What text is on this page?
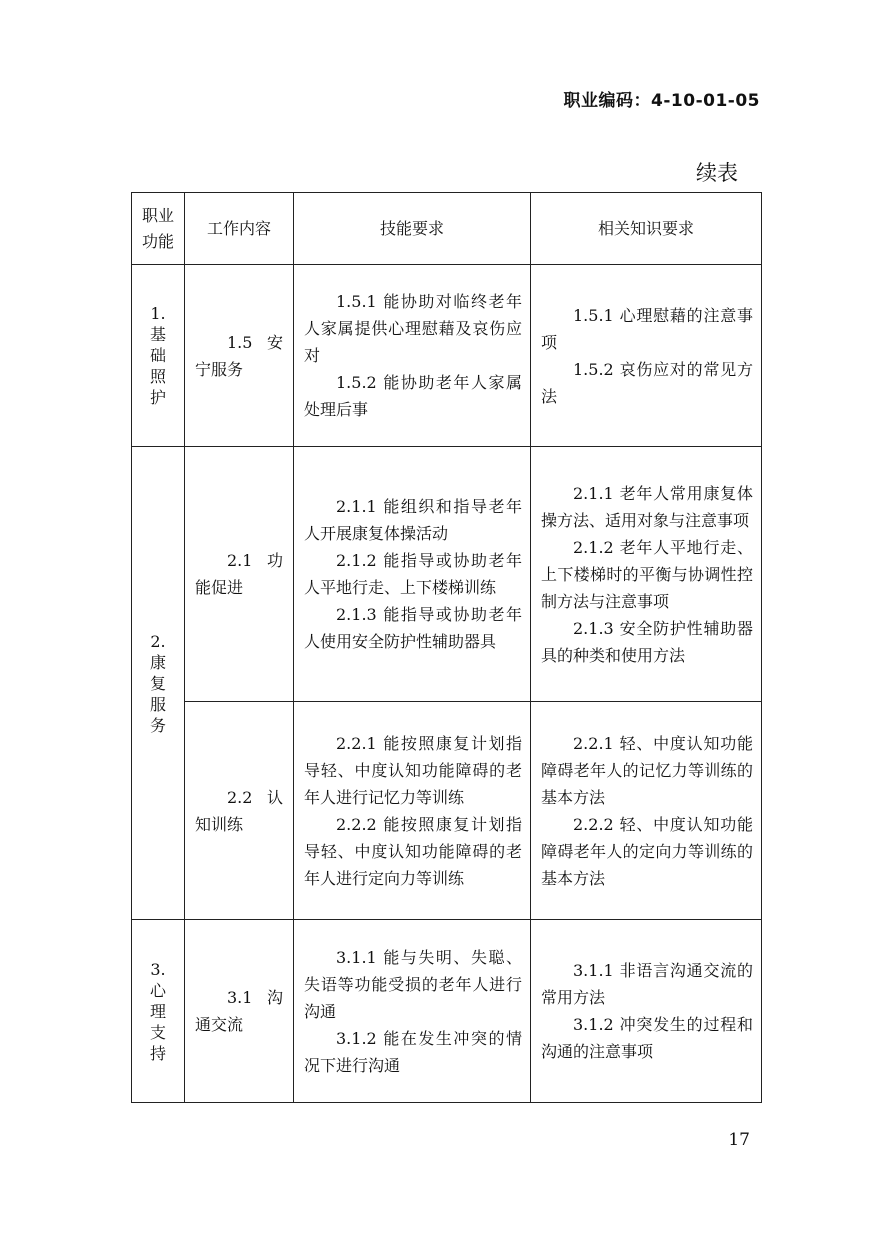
职业编码：4-10-01-05
续表
职业
功能	工作内容	技能要求	相关知识要求

1.
基
础
照
护	1.5 安宁服务	1.5.1 能协助对临终老年人家属提供心理慰藉及哀伤应对
1.5.2 能协助老年人家属处理后事	1.5.1 心理慰藉的注意事项
1.5.2 哀伤应对的常见方法

2.
康
复
服
务	2.1 功能促进	2.1.1 能组织和指导老年人开展康复体操活动
2.1.2 能指导或协助老年人平地行走、上下楼梯训练
2.1.3 能指导或协助老年人使用安全防护性辅助器具	2.1.1 老年人常用康复体操方法、适用对象与注意事项
2.1.2 老年人平地行走、上下楼梯时的平衡与协调性控制方法与注意事项
2.1.3 安全防护性辅助器具的种类和使用方法

	2.2 认知训练	2.2.1 能按照康复计划指导轻、中度认知功能障碍的老年人进行记忆力等训练
2.2.2 能按照康复计划指导轻、中度认知功能障碍的老年人进行定向力等训练	2.2.1 轻、中度认知功能障碍老年人的记忆力等训练的基本方法
2.2.2 轻、中度认知功能障碍老年人的定向力等训练的基本方法

3.
心
理
支
持	3.1 沟通交流	3.1.1 能与失明、失聪、失语等功能受损的老年人进行沟通
3.1.2 能在发生冲突的情况下进行沟通	3.1.1 非语言沟通交流的常用方法
3.1.2 冲突发生的过程和沟通的注意事项
17
